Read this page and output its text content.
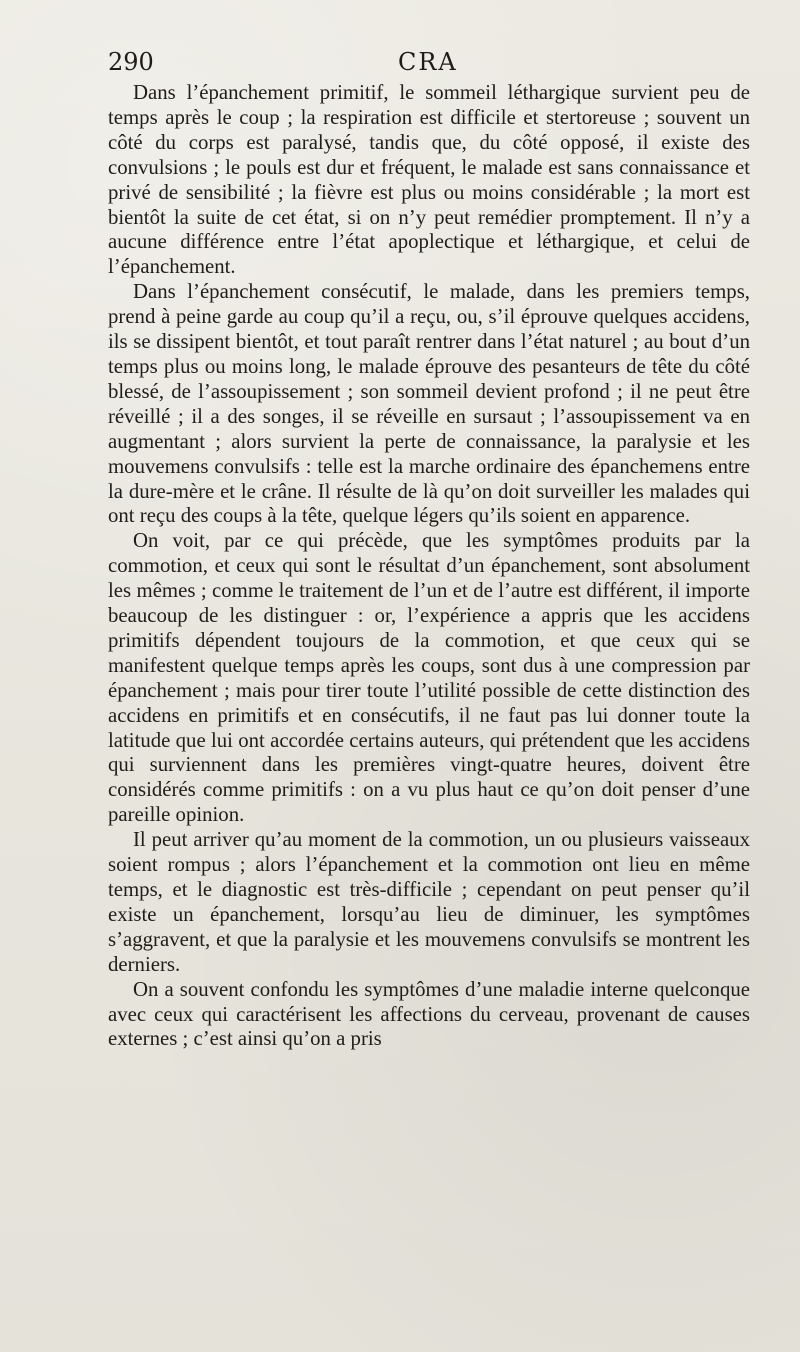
290	CRA

Dans l’épanchement primitif, le sommeil léthargique survient peu de temps après le coup ; la respiration est difficile et stertoreuse ; souvent un côté du corps est paralysé, tandis que, du côté opposé, il existe des convulsions ; le pouls est dur et fréquent, le malade est sans connaissance et privé de sensibilité ; la fièvre est plus ou moins considérable ; la mort est bientôt la suite de cet état, si on n’y peut remédier promptement. Il n’y a aucune différence entre l’état apoplectique et léthargique, et celui de l’épanchement.

Dans l’épanchement consécutif, le malade, dans les premiers temps, prend à peine garde au coup qu’il a reçu, ou, s’il éprouve quelques accidens, ils se dissipent bientôt, et tout paraît rentrer dans l’état naturel ; au bout d’un temps plus ou moins long, le malade éprouve des pesanteurs de tête du côté blessé, de l’assoupissement ; son sommeil devient profond ; il ne peut être réveillé ; il a des songes, il se réveille en sursaut ; l’assoupissement va en augmentant ; alors survient la perte de connaissance, la paralysie et les mouvemens convulsifs : telle est la marche ordinaire des épanchemens entre la dure-mère et le crâne. Il résulte de là qu’on doit surveiller les malades qui ont reçu des coups à la tête, quelque légers qu’ils soient en apparence.

On voit, par ce qui précède, que les symptômes produits par la commotion, et ceux qui sont le résultat d’un épanchement, sont absolument les mêmes ; comme le traitement de l’un et de l’autre est différent, il importe beaucoup de les distinguer : or, l’expérience a appris que les accidens primitifs dépendent toujours de la commotion, et que ceux qui se manifestent quelque temps après les coups, sont dus à une compression par épanchement ; mais pour tirer toute l’utilité possible de cette distinction des accidens en primitifs et en consécutifs, il ne faut pas lui donner toute la latitude que lui ont accordée certains auteurs, qui prétendent que les accidens qui surviennent dans les premières vingt-quatre heures, doivent être considérés comme primitifs : on a vu plus haut ce qu’on doit penser d’une pareille opinion.

Il peut arriver qu’au moment de la commotion, un ou plusieurs vaisseaux soient rompus ; alors l’épanchement et la commotion ont lieu en même temps, et le diagnostic est très-difficile ; cependant on peut penser qu’il existe un épanchement, lorsqu’au lieu de diminuer, les symptômes s’aggravent, et que la paralysie et les mouvemens convulsifs se montrent les derniers.

On a souvent confondu les symptômes d’une maladie interne quelconque avec ceux qui caractérisent les affections du cerveau, provenant de causes externes ; c’est ainsi qu’on a pris
